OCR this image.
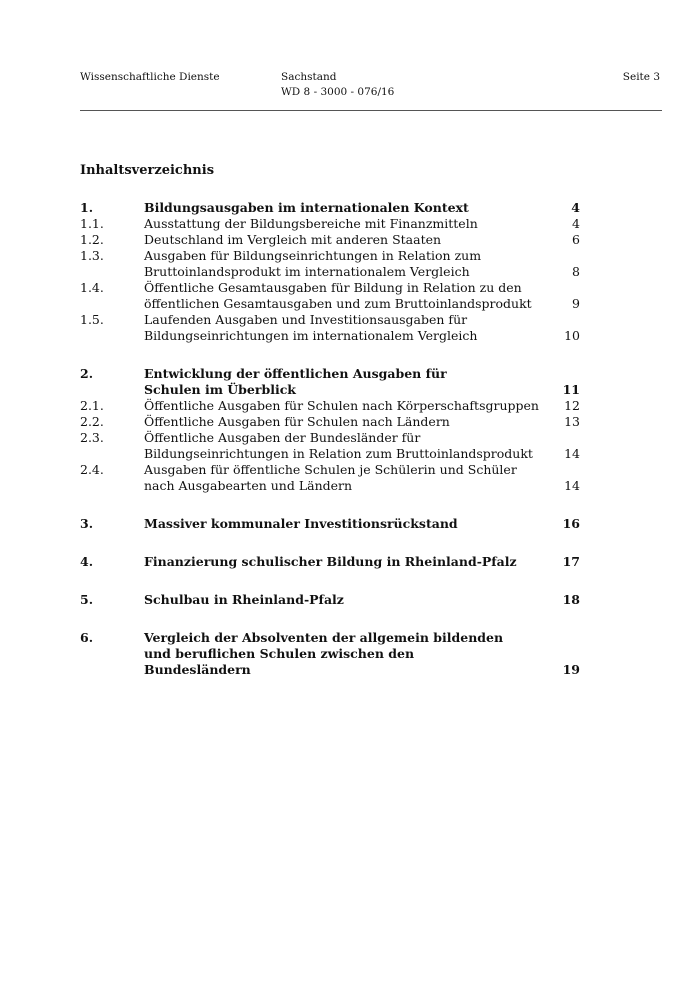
Wissenschaftliche Dienste	Sachstand
WD 8 - 3000 - 076/16
Seite 3
Inhaltsverzeichnis
1.	Bildungsausgaben im internationalen Kontext	4
1.1.	Ausstattung der Bildungsbereiche mit Finanzmitteln	4
1.2.	Deutschland im Vergleich mit anderen Staaten	6
1.3.	Ausgaben für Bildungseinrichtungen in Relation zum Bruttoinlandsprodukt im internationalem Vergleich	8
1.4.	Öffentliche Gesamtausgaben für Bildung in Relation zu den öffentlichen Gesamtausgaben und zum Bruttoinlandsprodukt	9
1.5.	Laufenden Ausgaben und Investitionsausgaben für Bildungseinrichtungen im internationalem Vergleich	10
2.	Entwicklung der öffentlichen Ausgaben für Schulen im Überblick	11
2.1.	Öffentliche Ausgaben für Schulen nach Körperschaftsgruppen	12
2.2.	Öffentliche Ausgaben für Schulen nach Ländern	13
2.3.	Öffentliche Ausgaben der Bundesländer für Bildungseinrichtungen in Relation zum Bruttoinlandsprodukt	14
2.4.	Ausgaben für öffentliche Schulen je Schülerin und Schüler nach Ausgabearten und Ländern	14
3.	Massiver kommunaler Investitionsrückstand	16
4.	Finanzierung schulischer Bildung in Rheinland-Pfalz	17
5.	Schulbau in Rheinland-Pfalz	18
6.	Vergleich der Absolventen der allgemein bildenden und beruflichen Schulen zwischen den Bundesländern	19
